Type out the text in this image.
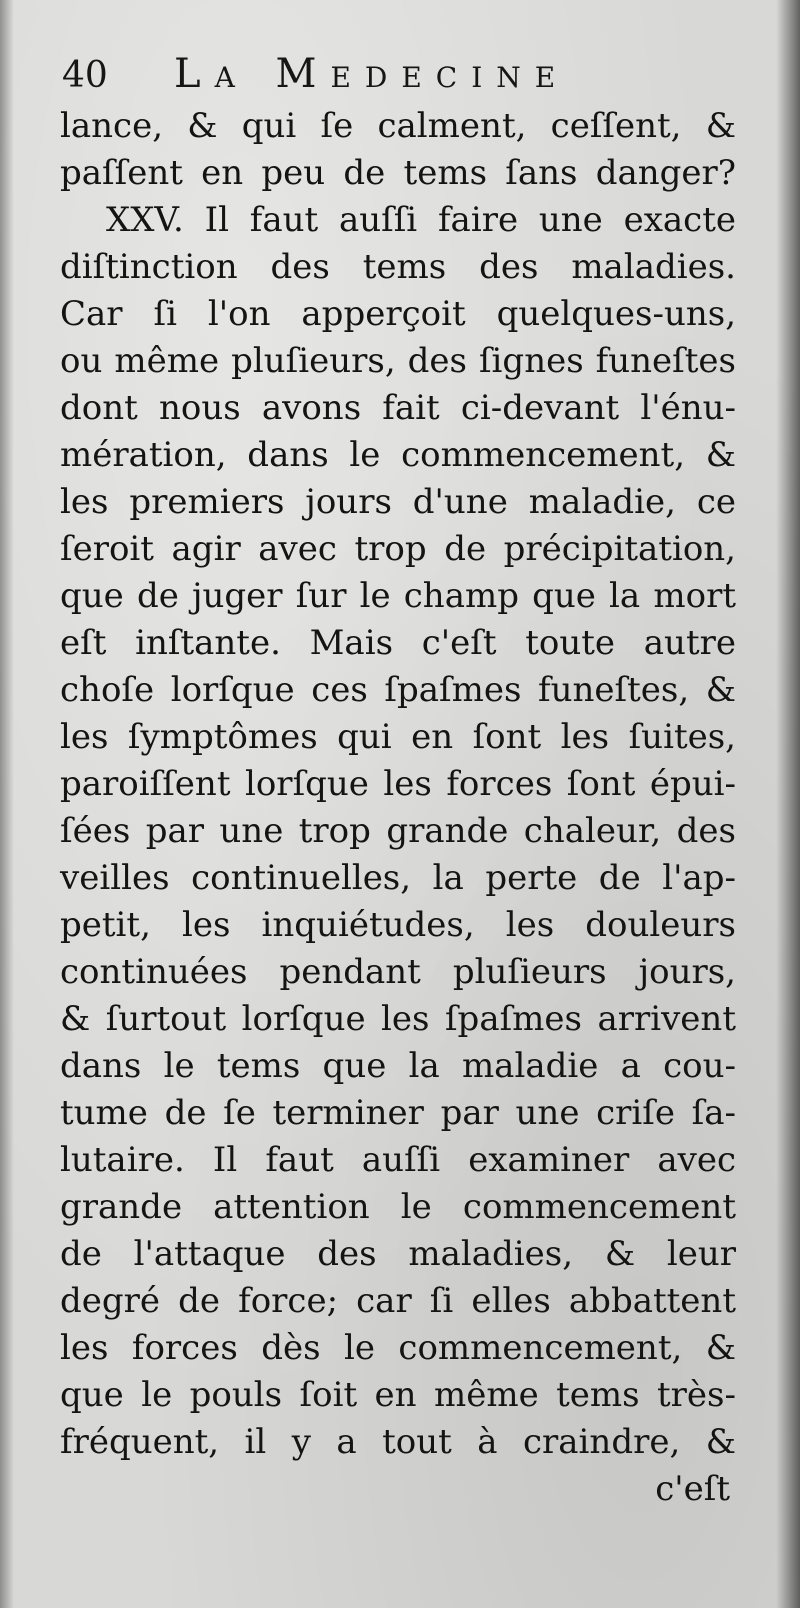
40 La Medecine
lance, & qui ſe calment, ceſſent, &
paſſent en peu de tems ſans danger?
XXV. Il faut auſſi faire une exacte
diſtinction des tems des maladies.
Car ſi l'on apperçoit quelques-uns,
ou même pluſieurs, des ſignes funeſtes
dont nous avons fait ci-devant l'énu-
mération, dans le commencement, &
les premiers jours d'une maladie, ce
ſeroit agir avec trop de précipitation,
que de juger ſur le champ que la mort
eſt inſtante. Mais c'eſt toute autre
choſe lorſque ces ſpaſmes funeſtes, &
les ſymptômes qui en ſont les ſuites,
paroiſſent lorſque les forces ſont épui-
ſées par une trop grande chaleur, des
veilles continuelles, la perte de l'ap-
petit, les inquiétudes, les douleurs
continuées pendant pluſieurs jours,
& ſurtout lorſque les ſpaſmes arrivent
dans le tems que la maladie a cou-
tume de ſe terminer par une criſe ſa-
lutaire. Il faut auſſi examiner avec
grande attention le commencement
de l'attaque des maladies, & leur
degré de force; car ſi elles abbattent
les forces dès le commencement, &
que le pouls ſoit en même tems très-
fréquent, il y a tout à craindre, &
c'eſt
